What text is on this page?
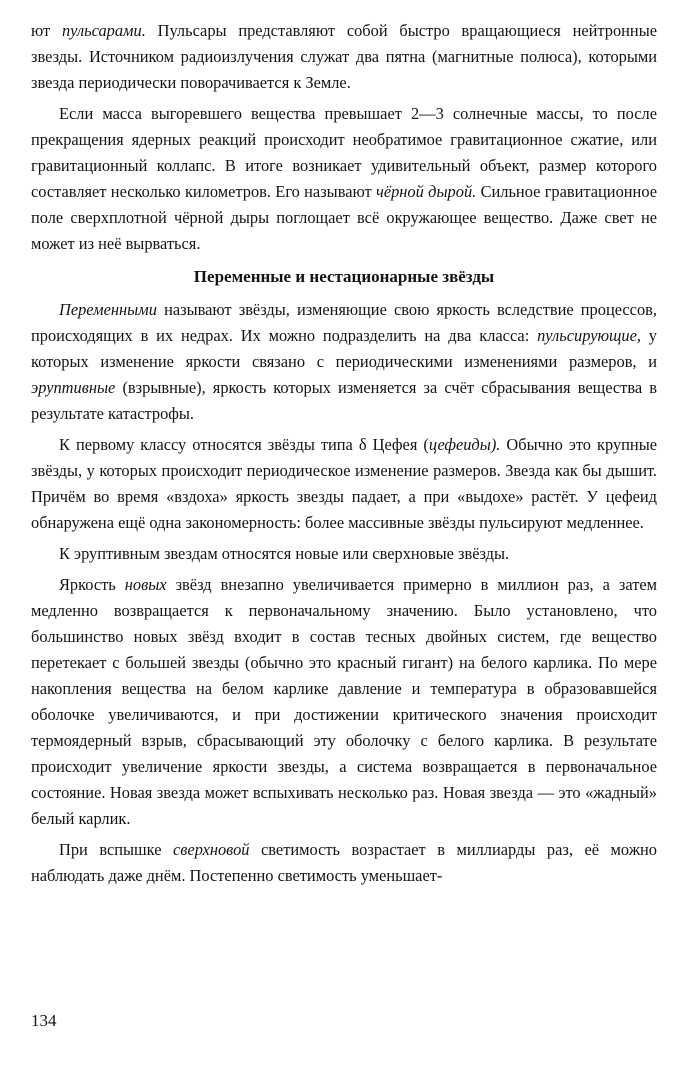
ют пульсарами. Пульсары представляют собой быстро вращающиеся нейтронные звезды. Источником радиоизлучения служат два пятна (магнитные полюса), которыми звезда периодически поворачивается к Земле.

Если масса выгоревшего вещества превышает 2—3 солнечные массы, то после прекращения ядерных реакций происходит необратимое гравитационное сжатие, или гравитационный коллапс. В итоге возникает удивительный объект, размер которого составляет несколько километров. Его называют чёрной дырой. Сильное гравитационное поле сверхплотной чёрной дыры поглощает всё окружающее вещество. Даже свет не может из неё вырваться.

Переменные и нестационарные звёзды

Переменными называют звёзды, изменяющие свою яркость вследствие процессов, происходящих в их недрах. Их можно подразделить на два класса: пульсирующие, у которых изменение яркости связано с периодическими изменениями размеров, и эруптивные (взрывные), яркость которых изменяется за счёт сбрасывания вещества в результате катастрофы.

К первому классу относятся звёзды типа δ Цефея (цефеиды). Обычно это крупные звёзды, у которых происходит периодическое изменение размеров. Звезда как бы дышит. Причём во время «вздоха» яркость звезды падает, а при «выдохе» растёт. У цефеид обнаружена ещё одна закономерность: более массивные звёзды пульсируют медленнее.

К эруптивным звездам относятся новые или сверхновые звёзды.

Яркость новых звёзд внезапно увеличивается примерно в миллион раз, а затем медленно возвращается к первоначальному значению. Было установлено, что большинство новых звёзд входит в состав тесных двойных систем, где вещество перетекает с большей звезды (обычно это красный гигант) на белого карлика. По мере накопления вещества на белом карлике давление и температура в образовавшейся оболочке увеличиваются, и при достижении критического значения происходит термоядерный взрыв, сбрасывающий эту оболочку с белого карлика. В результате происходит увеличение яркости звезды, а система возвращается в первоначальное состояние. Новая звезда может вспыхивать несколько раз. Новая звезда — это «жадный» белый карлик.

При вспышке сверхновой светимость возрастает в миллиарды раз, её можно наблюдать даже днём. Постепенно светимость уменьшает-

134
